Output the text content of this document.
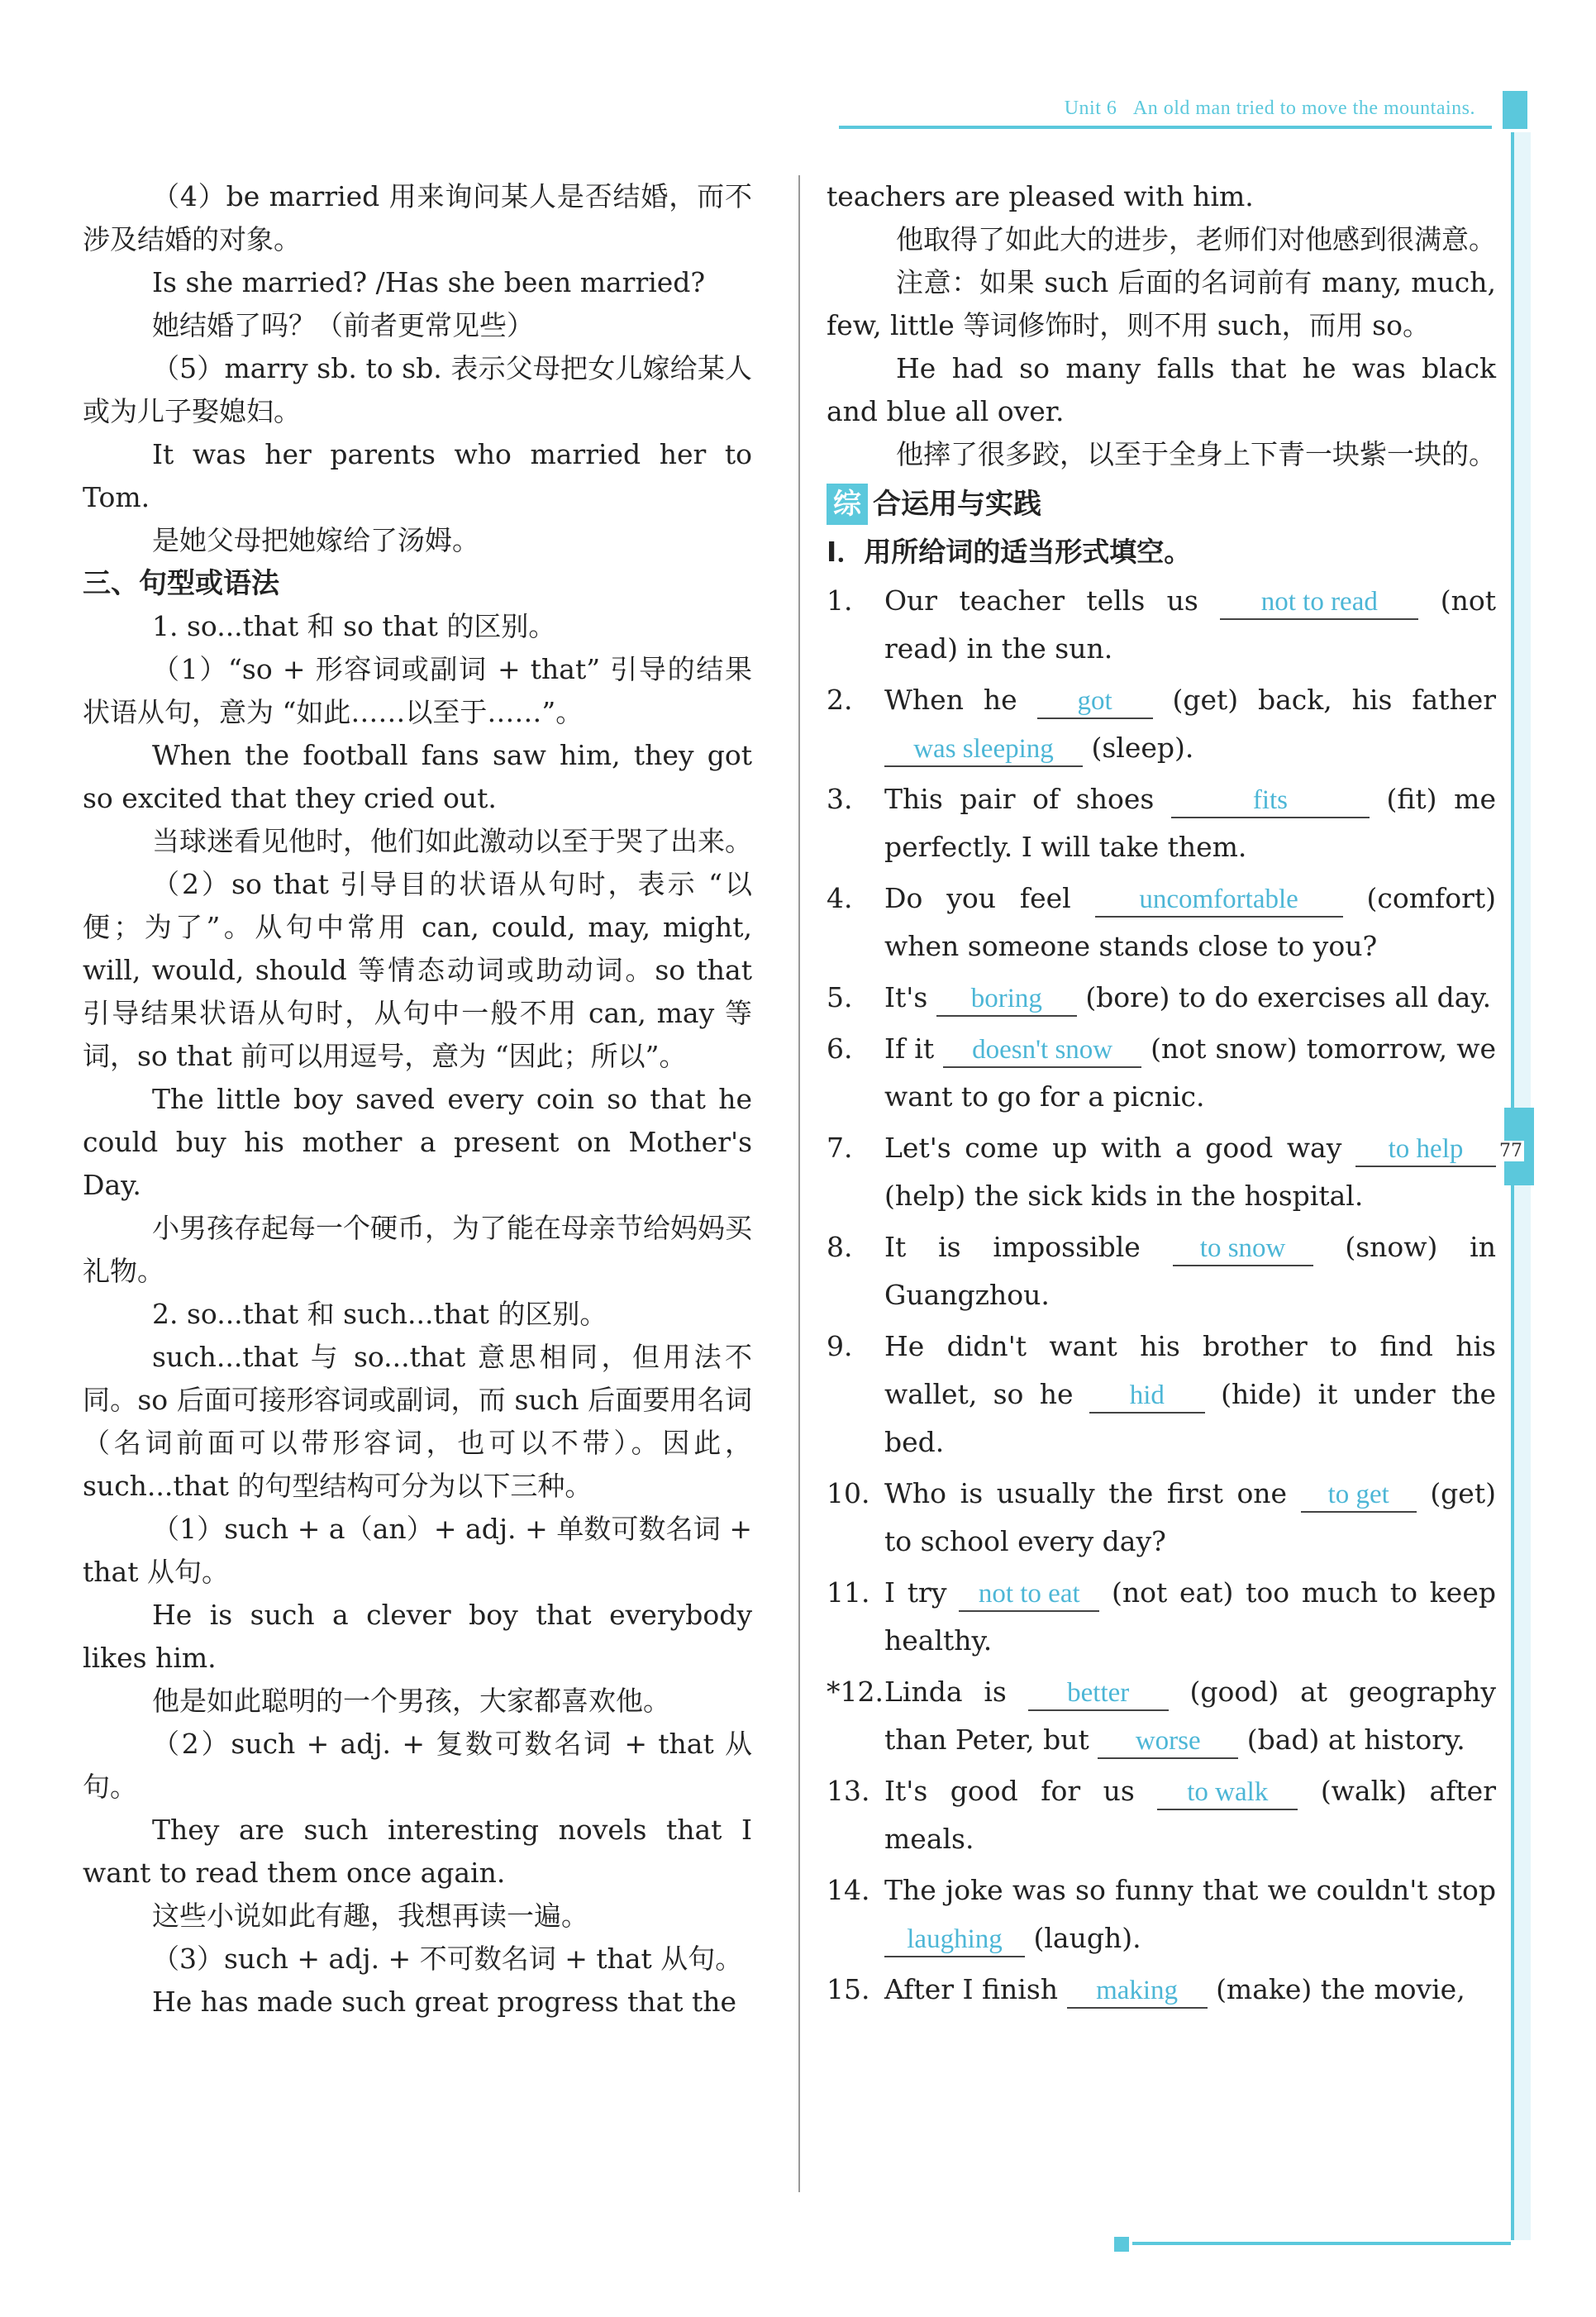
Unit 6 An old man tried to move the mountains.
77

（4）be married 用来询问某人是否结婚，而不涉及结婚的对象。

Is she married? /Has she been married?

她结婚了吗？（前者更常见些）

（5）marry sb. to sb. 表示父母把女儿嫁给某人或为儿子娶媳妇。

It was her parents who married her to Tom.

是她父母把她嫁给了汤姆。

三、句型或语法

1. so...that 和 so that 的区别。

（1）“so + 形容词或副词 + that” 引导的结果状语从句，意为 “如此……以至于……”。

When the football fans saw him, they got so excited that they cried out.

当球迷看见他时，他们如此激动以至于哭了出来。

（2）so that 引导目的状语从句时，表示 “以便；为了”。从句中常用 can, could, may, might, will, would, should 等情态动词或助动词。so that 引导结果状语从句时，从句中一般不用 can, may 等词，so that 前可以用逗号，意为 “因此；所以”。

The little boy saved every coin so that he could buy his mother a present on Mother's Day.

小男孩存起每一个硬币，为了能在母亲节给妈妈买礼物。

2. so...that 和 such...that 的区别。

such...that 与 so...that 意思相同，但用法不同。so 后面可接形容词或副词，而 such 后面要用名词（名词前面可以带形容词，也可以不带）。因此，such...that 的句型结构可分为以下三种。

（1）such + a（an）+ adj. + 单数可数名词 + that 从句。

He is such a clever boy that everybody likes him.

他是如此聪明的一个男孩，大家都喜欢他。

（2）such + adj. + 复数可数名词 + that 从句。

They are such interesting novels that I want to read them once again.

这些小说如此有趣，我想再读一遍。

（3）such + adj. + 不可数名词 + that 从句。

He has made such great progress that the

teachers are pleased with him.

他取得了如此大的进步，老师们对他感到很满意。

注意：如果 such 后面的名词前有 many, much, few, little 等词修饰时，则不用 such，而用 so。

He had so many falls that he was black and blue all over.

他摔了很多跤，以至于全身上下青一块紫一块的。

综 合运用与实践

Ⅰ．用所给词的适当形式填空。

1.	Our teacher tells us not to read (not read) in the sun.
2.	When he got (get) back, his father was sleeping (sleep).
3.	This pair of shoes	fits	(fit) me perfectly. I will take them.
4.	Do you feel	uncomfortable	(comfort) when someone stands close to you?
5.	It's boring (bore) to do exercises all day.
6.	If it doesn't snow (not snow) tomorrow, we want to go for a picnic.
7.	Let's come up with a good way to help (help) the sick kids in the hospital.
8.	It is impossible to snow (snow) in Guangzhou.
9.	He didn't want his brother to find his wallet, so he hid (hide) it under the bed.
10. Who is usually the first one to get (get) to school every day?
11. I try not to eat (not eat) too much to keep healthy.
*12. Linda is better (good) at geography than Peter, but worse (bad) at history.
13. It's good for us to walk (walk) after meals.
14. The joke was so funny that we couldn't stop laughing (laugh).
15. After I finish making (make) the movie,
